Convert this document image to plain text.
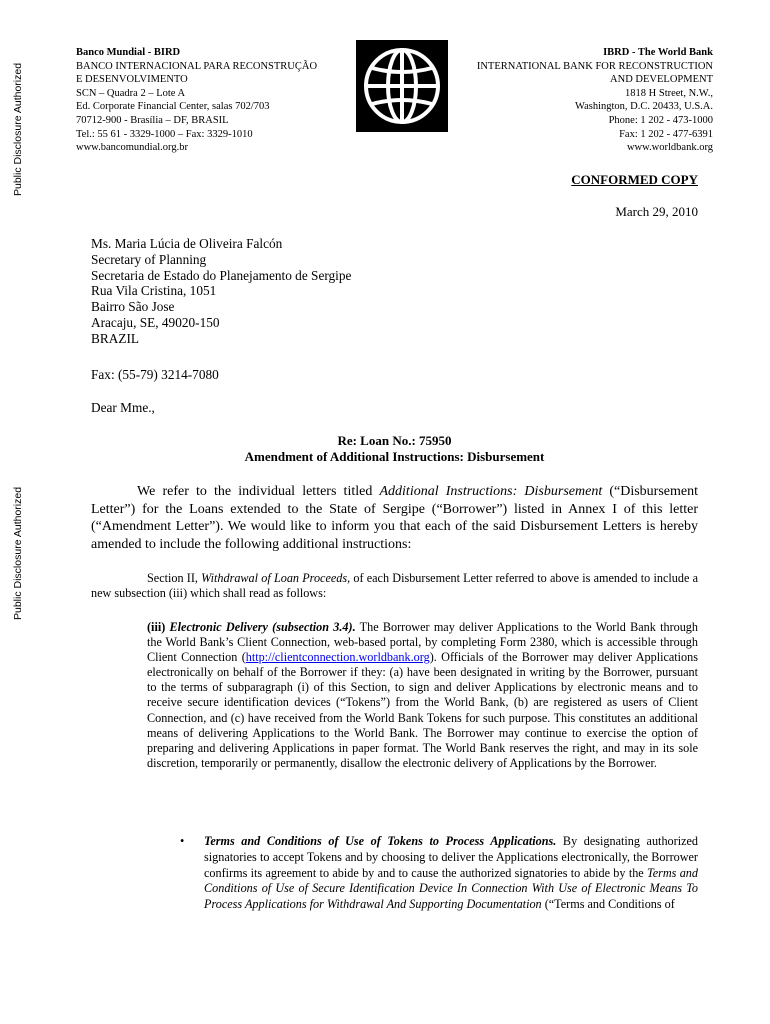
Public Disclosure Authorized
Public Disclosure Authorized
Banco Mundial - BIRD
BANCO INTERNACIONAL PARA RECONSTRUÇÃO
E DESENVOLVIMENTO
SCN – Quadra 2 – Lote A
Ed. Corporate Financial Center, salas 702/703
70712-900 - Brasília – DF, BRASIL
Tel.: 55 61 - 3329-1000 – Fax: 3329-1010
www.bancomundial.org.br
IBRD - The World Bank
INTERNATIONAL BANK FOR RECONSTRUCTION
AND DEVELOPMENT
1818 H Street, N.W.,
Washington, D.C. 20433, U.S.A.
Phone: 1 202 - 473-1000
Fax: 1 202 - 477-6391
www.worldbank.org
CONFORMED COPY
March 29, 2010
Ms. Maria Lúcia de Oliveira Falcón
Secretary of Planning
Secretaria de Estado do Planejamento de Sergipe
Rua Vila Cristina, 1051
Bairro São Jose
Aracaju, SE, 49020-150
BRAZIL
Fax: (55-79) 3214-7080
Dear Mme.,
Re: Loan No.: 75950
Amendment of Additional Instructions: Disbursement
We refer to the individual letters titled Additional Instructions: Disbursement (“Disbursement Letter”) for the Loans extended to the State of Sergipe (“Borrower”) listed in Annex I of this letter (“Amendment Letter”). We would like to inform you that each of the said Disbursement Letters is hereby amended to include the following additional instructions:
Section II, Withdrawal of Loan Proceeds, of each Disbursement Letter referred to above is amended to include a new subsection (iii) which shall read as follows:
(iii) Electronic Delivery (subsection 3.4). The Borrower may deliver Applications to the World Bank through the World Bank’s Client Connection, web-based portal, by completing Form 2380, which is accessible through Client Connection (http://clientconnection.worldbank.org). Officials of the Borrower may deliver Applications electronically on behalf of the Borrower if they: (a) have been designated in writing by the Borrower, pursuant to the terms of subparagraph (i) of this Section, to sign and deliver Applications by electronic means and to receive secure identification devices (“Tokens”) from the World Bank, (b) are registered as users of Client Connection, and (c) have received from the World Bank Tokens for such purpose. This constitutes an additional means of delivering Applications to the World Bank. The Borrower may continue to exercise the option of preparing and delivering Applications in paper format. The World Bank reserves the right, and may in its sole discretion, temporarily or permanently, disallow the electronic delivery of Applications by the Borrower.
• Terms and Conditions of Use of Tokens to Process Applications. By designating authorized signatories to accept Tokens and by choosing to deliver the Applications electronically, the Borrower confirms its agreement to abide by and to cause the authorized signatories to abide by the Terms and Conditions of Use of Secure Identification Device In Connection With Use of Electronic Means To Process Applications for Withdrawal And Supporting Documentation (“Terms and Conditions of
